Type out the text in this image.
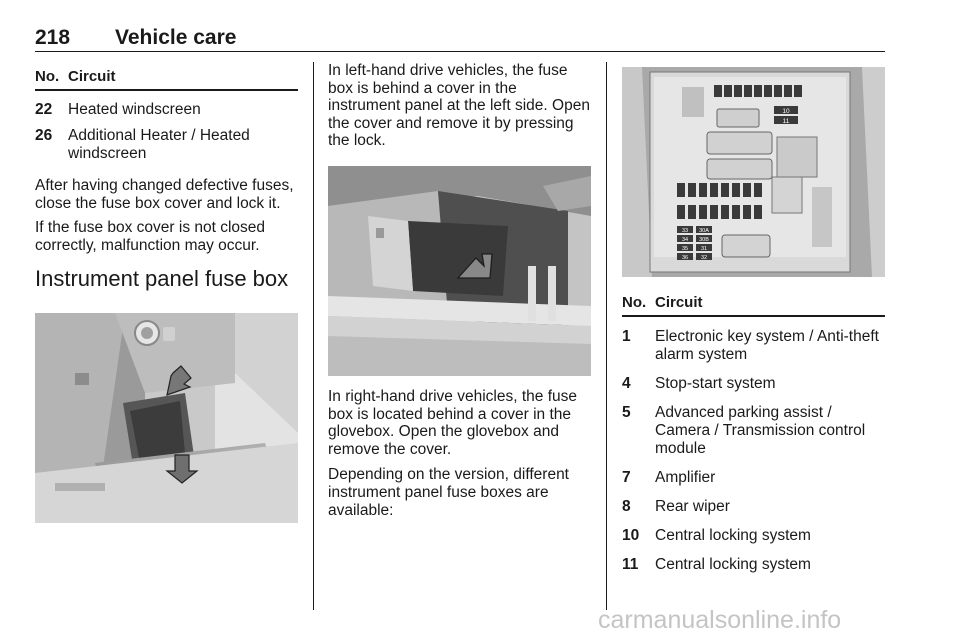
218 Vehicle care
No. Circuit
22	Heated windscreen
26	Additional Heater / Heated windscreen

After having changed defective fuses, close the fuse box cover and lock it.

If the fuse box cover is not closed correctly, malfunction may occur.

Instrument panel fuse box

In left-hand drive vehicles, the fuse box is behind a cover in the instrument panel at the left side. Open the cover and remove it by pressing the lock.

In right-hand drive vehicles, the fuse box is located behind a cover in the glovebox. Open the glovebox and remove the cover.

Depending on the version, different instrument panel fuse boxes are available:

10
11
33 30A
34 30B
35 31
36 32
No. Circuit
1	Electronic key system / Anti-theft alarm system
4	Stop-start system
5	Advanced parking assist / Camera / Transmission control module
7	Amplifier
8	Rear wiper
10	Central locking system
11	Central locking system
carmanualsonline.info
